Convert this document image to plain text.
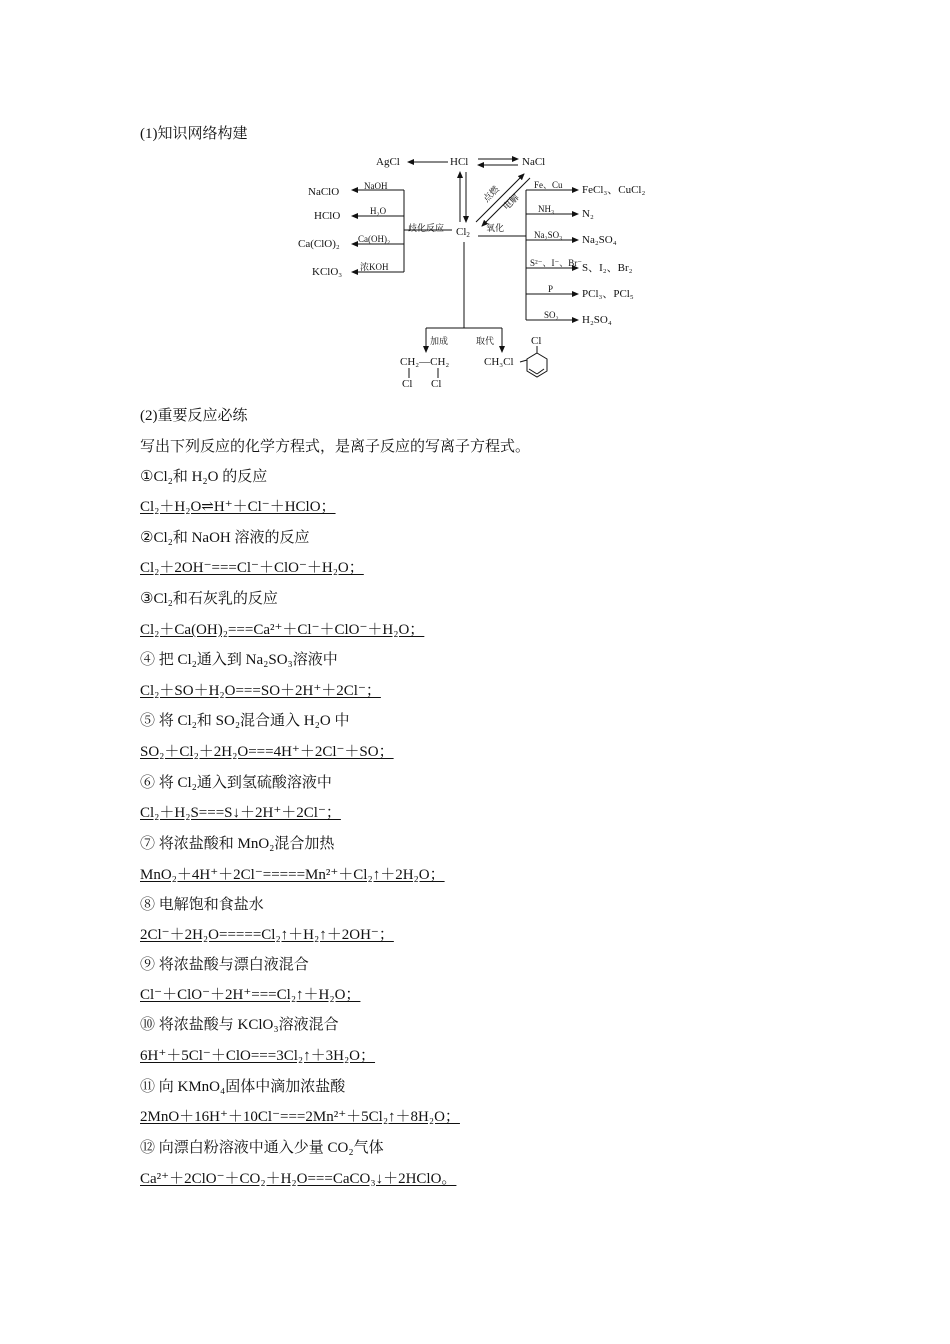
(1)知识网络构建
AgCl	HCl	NaCl
$Cl_2$
点燃 电解
氧化
歧化反应
NaOH
NaClO
H₂O
HClO
Ca(OH)₂
Ca(ClO)₂
浓KOH
KClO₃
Fe、Cu FeCl₃、CuCl₂
NH₃	N₂
Na₂SO₃ Na₂SO₄
S²⁻、I⁻、Br⁻ S、I₂、Br₂
P	PCl₃、PCl₅
SO₂ H₂SO₄
加成	取代
CH₂—CH₂
Cl Cl
CH₃Cl
Cl
(2)重要反应必练
写出下列反应的化学方程式，是离子反应的写离子方程式。
①Cl₂和 H₂O 的反应
Cl₂＋H₂O⇌H⁺＋Cl⁻＋HClO；
②Cl₂和 NaOH 溶液的反应
Cl₂＋2OH⁻===Cl⁻＋ClO⁻＋H₂O；
③Cl₂和石灰乳的反应
Cl₂＋Ca(OH)₂===Ca²⁺＋Cl⁻＋ClO⁻＋H₂O；
④ 把 Cl₂通入到 Na₂SO₃溶液中
Cl₂＋SO＋H₂O===SO＋2H⁺＋2Cl⁻；
⑤ 将 Cl₂和 SO₂混合通入 H₂O 中
SO₂＋Cl₂＋2H₂O===4H⁺＋2Cl⁻＋SO；
⑥ 将 Cl₂通入到氢硫酸溶液中
Cl₂＋H₂S===S↓＋2H⁺＋2Cl⁻；
⑦ 将浓盐酸和 MnO₂混合加热
MnO₂＋4H⁺＋2Cl⁻=====Mn²⁺＋Cl₂↑＋2H₂O；
⑧ 电解饱和食盐水
2Cl⁻＋2H₂O=====Cl₂↑＋H₂↑＋2OH⁻；
⑨ 将浓盐酸与漂白液混合
Cl⁻＋ClO⁻＋2H⁺===Cl₂↑＋H₂O；
⑩ 将浓盐酸与 KClO₃溶液混合
6H⁺＋5Cl⁻＋ClO===3Cl₂↑＋3H₂O；
⑪ 向 KMnO₄固体中滴加浓盐酸
2MnO＋16H⁺＋10Cl⁻===2Mn²⁺＋5Cl₂↑＋8H₂O；
⑫ 向漂白粉溶液中通入少量 CO₂气体
Ca²⁺＋2ClO⁻＋CO₂＋H₂O===CaCO₃↓＋2HClO。
